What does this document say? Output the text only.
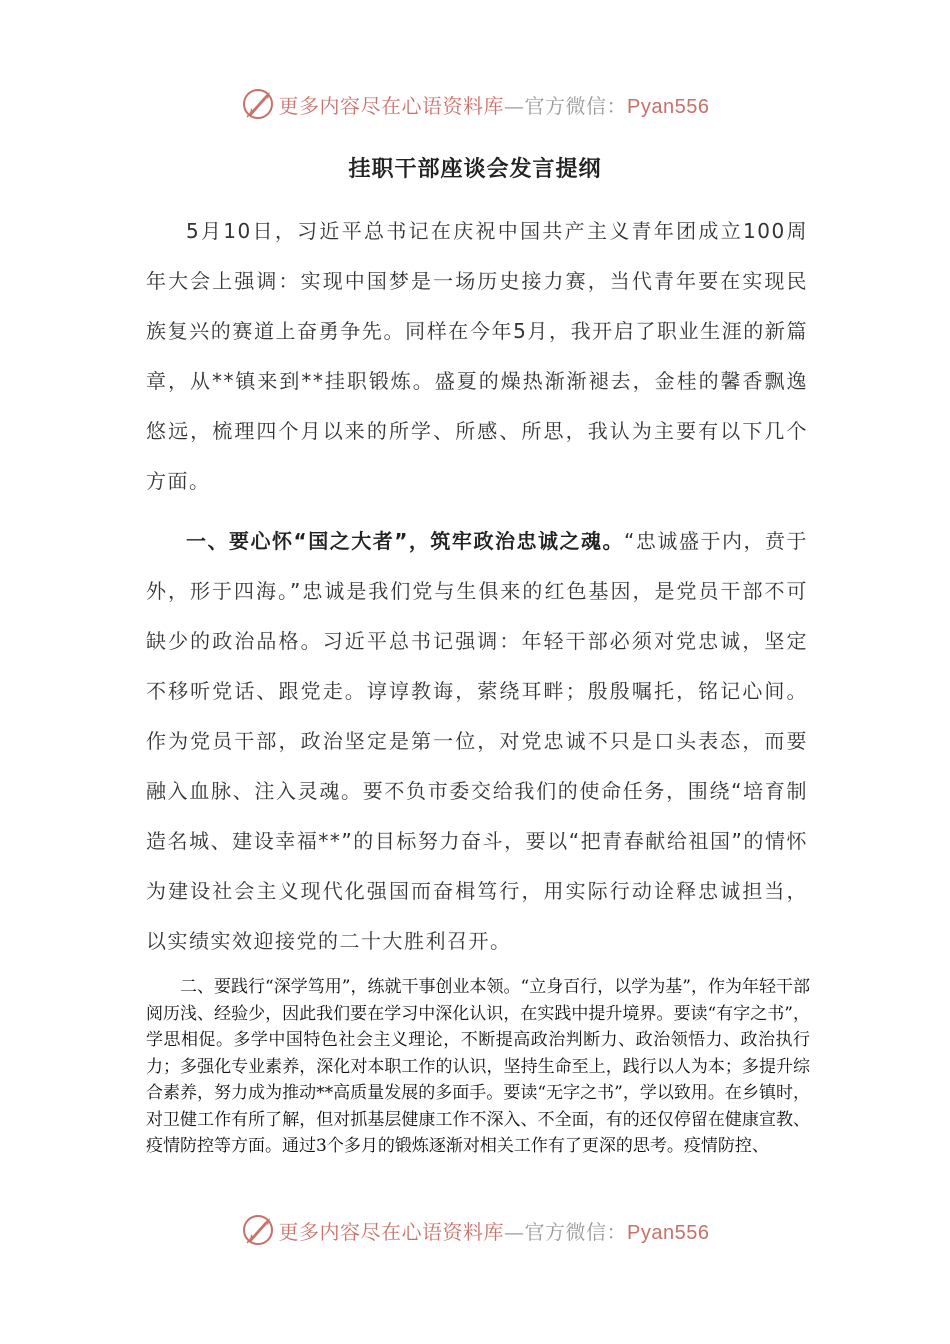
更多内容尽在心语资料库—官方微信：Pyan556
挂职干部座谈会发言提纲
5月10日，习近平总书记在庆祝中国共产主义青年团成立100周年大会上强调：实现中国梦是一场历史接力赛，当代青年要在实现民族复兴的赛道上奋勇争先。同样在今年5月，我开启了职业生涯的新篇章，从**镇来到**挂职锻炼。盛夏的燥热渐渐褪去，金桂的馨香飘逸悠远，梳理四个月以来的所学、所感、所思，我认为主要有以下几个方面。
一、要心怀“国之大者”，筑牢政治忠诚之魂。“忠诚盛于内，贲于外，形于四海。”忠诚是我们党与生俱来的红色基因，是党员干部不可缺少的政治品格。习近平总书记强调：年轻干部必须对党忠诚，坚定不移听党话、跟党走。谆谆教诲，萦绕耳畔；殷殷嘱托，铭记心间。作为党员干部，政治坚定是第一位，对党忠诚不只是口头表态，而要融入血脉、注入灵魂。要不负市委交给我们的使命任务，围绕“培育制造名城、建设幸福**”的目标努力奋斗，要以“把青春献给祖国”的情怀为建设社会主义现代化强国而奋楫笃行，用实际行动诠释忠诚担当，以实绩实效迎接党的二十大胜利召开。
二、要践行“深学笃用”，练就干事创业本领。“立身百行，以学为基”，作为年轻干部阅历浅、经验少，因此我们要在学习中深化认识，在实践中提升境界。要读“有字之书”，学思相促。多学中国特色社会主义理论，不断提高政治判断力、政治领悟力、政治执行力；多强化专业素养，深化对本职工作的认识，坚持生命至上，践行以人为本；多提升综合素养，努力成为推动**高质量发展的多面手。要读“无字之书”，学以致用。在乡镇时，对卫健工作有所了解，但对抓基层健康工作不深入、不全面，有的还仅停留在健康宣教、疫情防控等方面。通过3个多月的锻炼逐渐对相关工作有了更深的思考。疫情防控、
更多内容尽在心语资料库—官方微信：Pyan556
